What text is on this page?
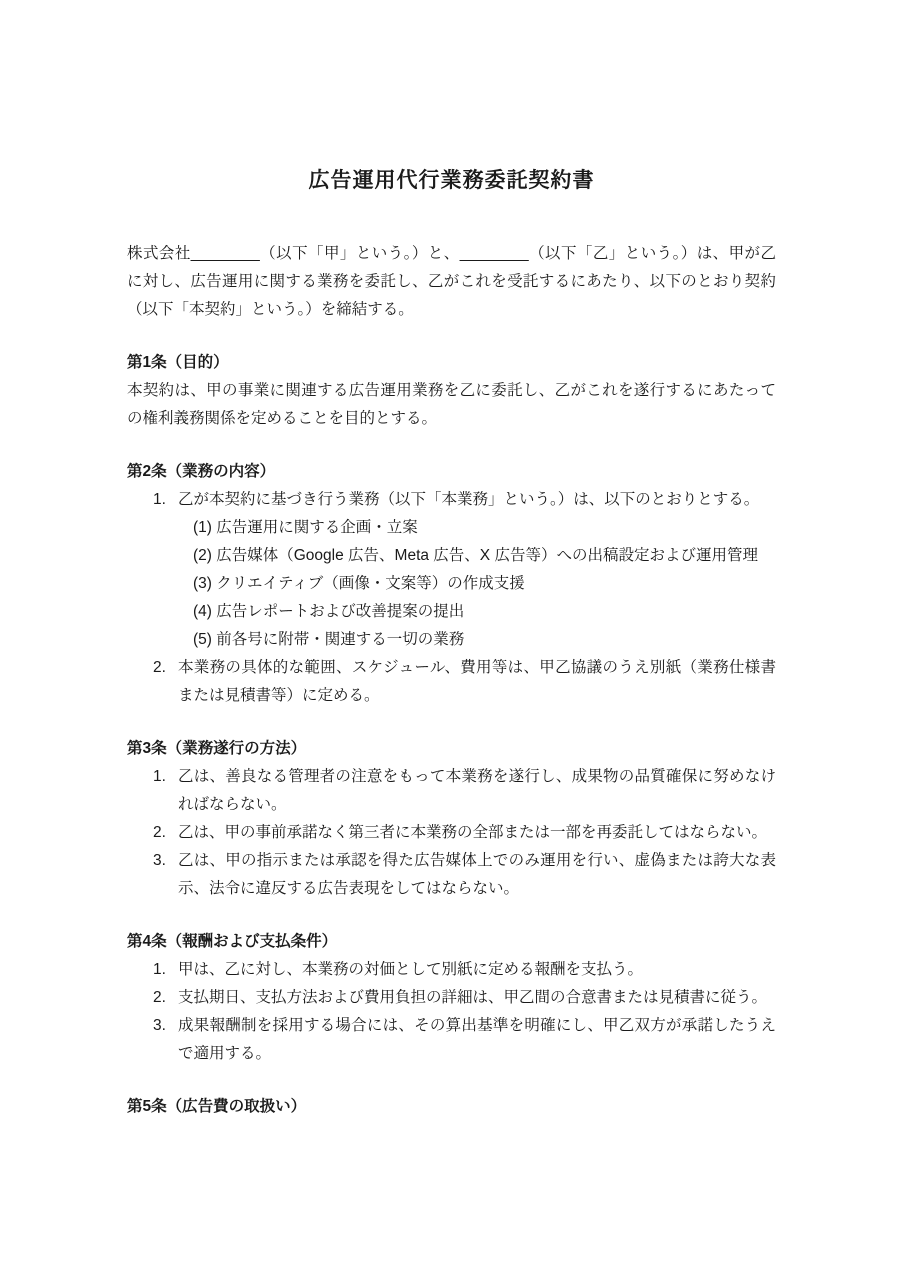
広告運用代行業務委託契約書

株式会社________（以下「甲」という。）と、________（以下「乙」という。）は、甲が乙に対し、広告運用に関する業務を委託し、乙がこれを受託するにあたり、以下のとおり契約（以下「本契約」という。）を締結する。

第1条（目的）

本契約は、甲の事業に関連する広告運用業務を乙に委託し、乙がこれを遂行するにあたっての権利義務関係を定めることを目的とする。

第2条（業務の内容）
1. 乙が本契約に基づき行う業務（以下「本業務」という。）は、以下のとおりとする。

(1) 広告運用に関する企画・立案

(2) 広告媒体（Google 広告、Meta 広告、X 広告等）への出稿設定および運用管理

(3) クリエイティブ（画像・文案等）の作成支援

(4) 広告レポートおよび改善提案の提出

(5) 前各号に附帯・関連する一切の業務

2. 本業務の具体的な範囲、スケジュール、費用等は、甲乙協議のうえ別紙（業務仕様書または見積書等）に定める。
第3条（業務遂行の方法）
1. 乙は、善良なる管理者の注意をもって本業務を遂行し、成果物の品質確保に努めなければならない。
2. 乙は、甲の事前承諾なく第三者に本業務の全部または一部を再委託してはならない。
3. 乙は、甲の指示または承認を得た広告媒体上でのみ運用を行い、虚偽または誇大な表示、法令に違反する広告表現をしてはならない。
第4条（報酬および支払条件）
1. 甲は、乙に対し、本業務の対価として別紙に定める報酬を支払う。
2. 支払期日、支払方法および費用負担の詳細は、甲乙間の合意書または見積書に従う。
3. 成果報酬制を採用する場合には、その算出基準を明確にし、甲乙双方が承諾したうえで適用する。
第5条（広告費の取扱い）
